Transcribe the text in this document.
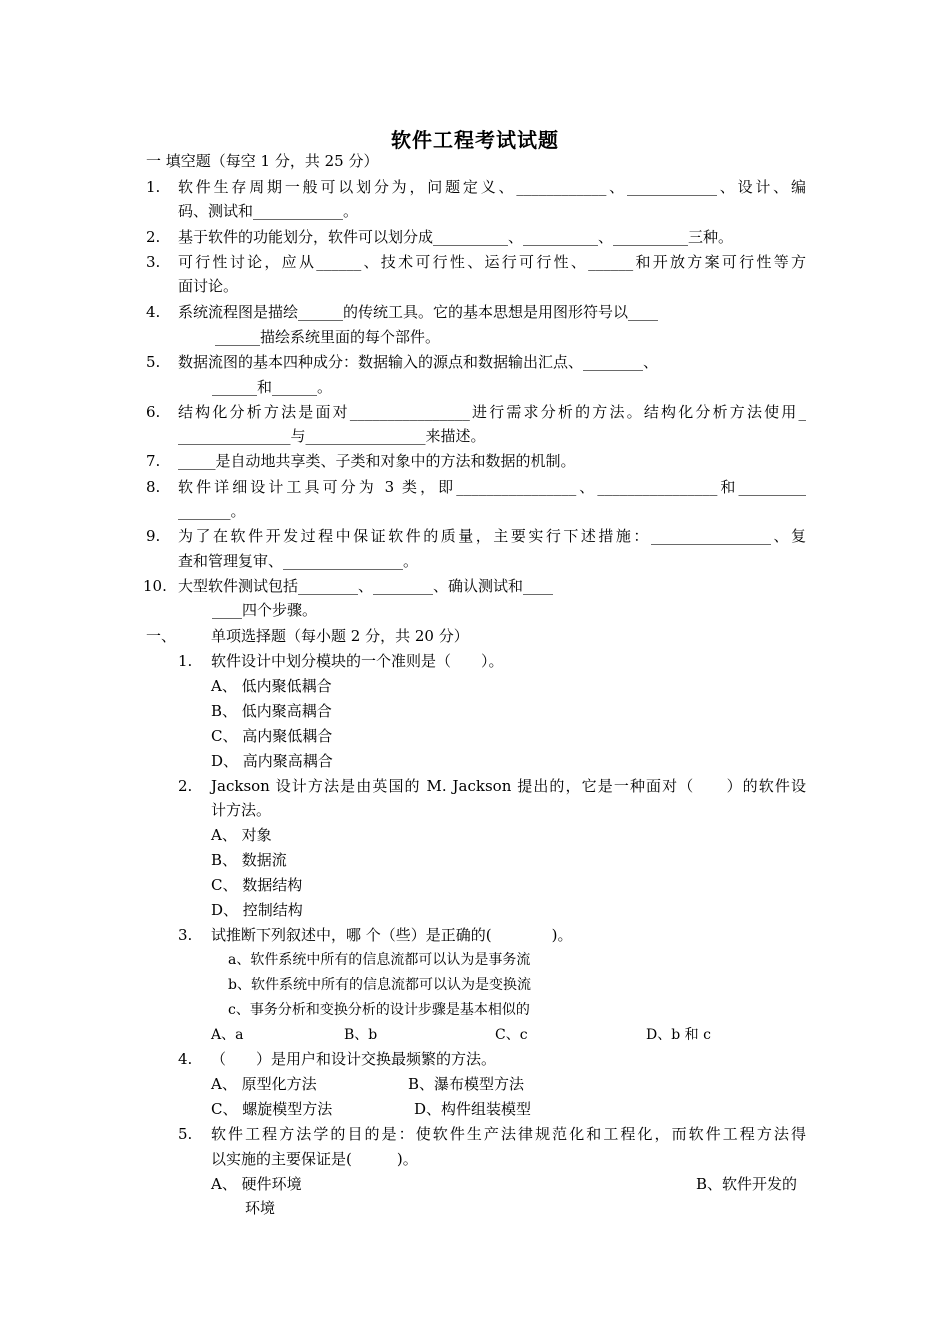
软件工程考试试题
一 填空题（每空 1 分，共 25 分）
1. 软件生存周期一般可以划分为，问题定义、____________、____________、设计、编
码、测试和____________。
2. 基于软件的功能划分，软件可以划分成__________、__________、__________三种。
3. 可行性讨论，应从______、技术可行性、运行可行性、______和开放方案可行性等方
面讨论。
4. 系统流程图是描绘______的传统工具。它的基本思想是用图形符号以____
______描绘系统里面的每个部件。
5. 数据流图的基本四种成分：数据输入的源点和数据输出汇点、________、
______和______。
6. 结构化分析方法是面对________________进行需求分析的方法。结构化分析方法使用_
_______________与________________来描述。
7. _____是自动地共享类、子类和对象中的方法和数据的机制。
8. 软件详细设计工具可分为 3 类，即________________、________________和_________
_______。
9. 为了在软件开发过程中保证软件的质量，主要实行下述措施：________________、复
查和管理复审、________________。
10. 大型软件测试包括________、________、确认测试和____
____四个步骤。
一、 单项选择题（每小题 2 分，共 20 分）
1. 软件设计中划分模块的一个准则是（　　）。
A、 低内聚低耦合
B、 低内聚高耦合
C、 高内聚低耦合
D、 高内聚高耦合
2. Jackson 设计方法是由英国的 M. Jackson 提出的，它是一种面对（　　）的软件设
计方法。
A、 对象
B、 数据流
C、 数据结构
D、 控制结构
3. 试推断下列叙述中，哪 个（些）是正确的(　　　　)。
a、软件系统中所有的信息流都可以认为是事务流
b、软件系统中所有的信息流都可以认为是变换流
c、事务分析和变换分析的设计步骤是基本相似的
A、a	B、b	C、c	D、b 和 c
4. （　　）是用户和设计交换最频繁的方法。
A、 原型化方法	B、瀑布模型方法
C、 螺旋模型方法	D、构件组装模型
5. 软件工程方法学的目的是：使软件生产法律规范化和工程化，而软件工程方法得
以实施的主要保证是(　　　)。
A、 硬件环境	B、软件开发的
环境
